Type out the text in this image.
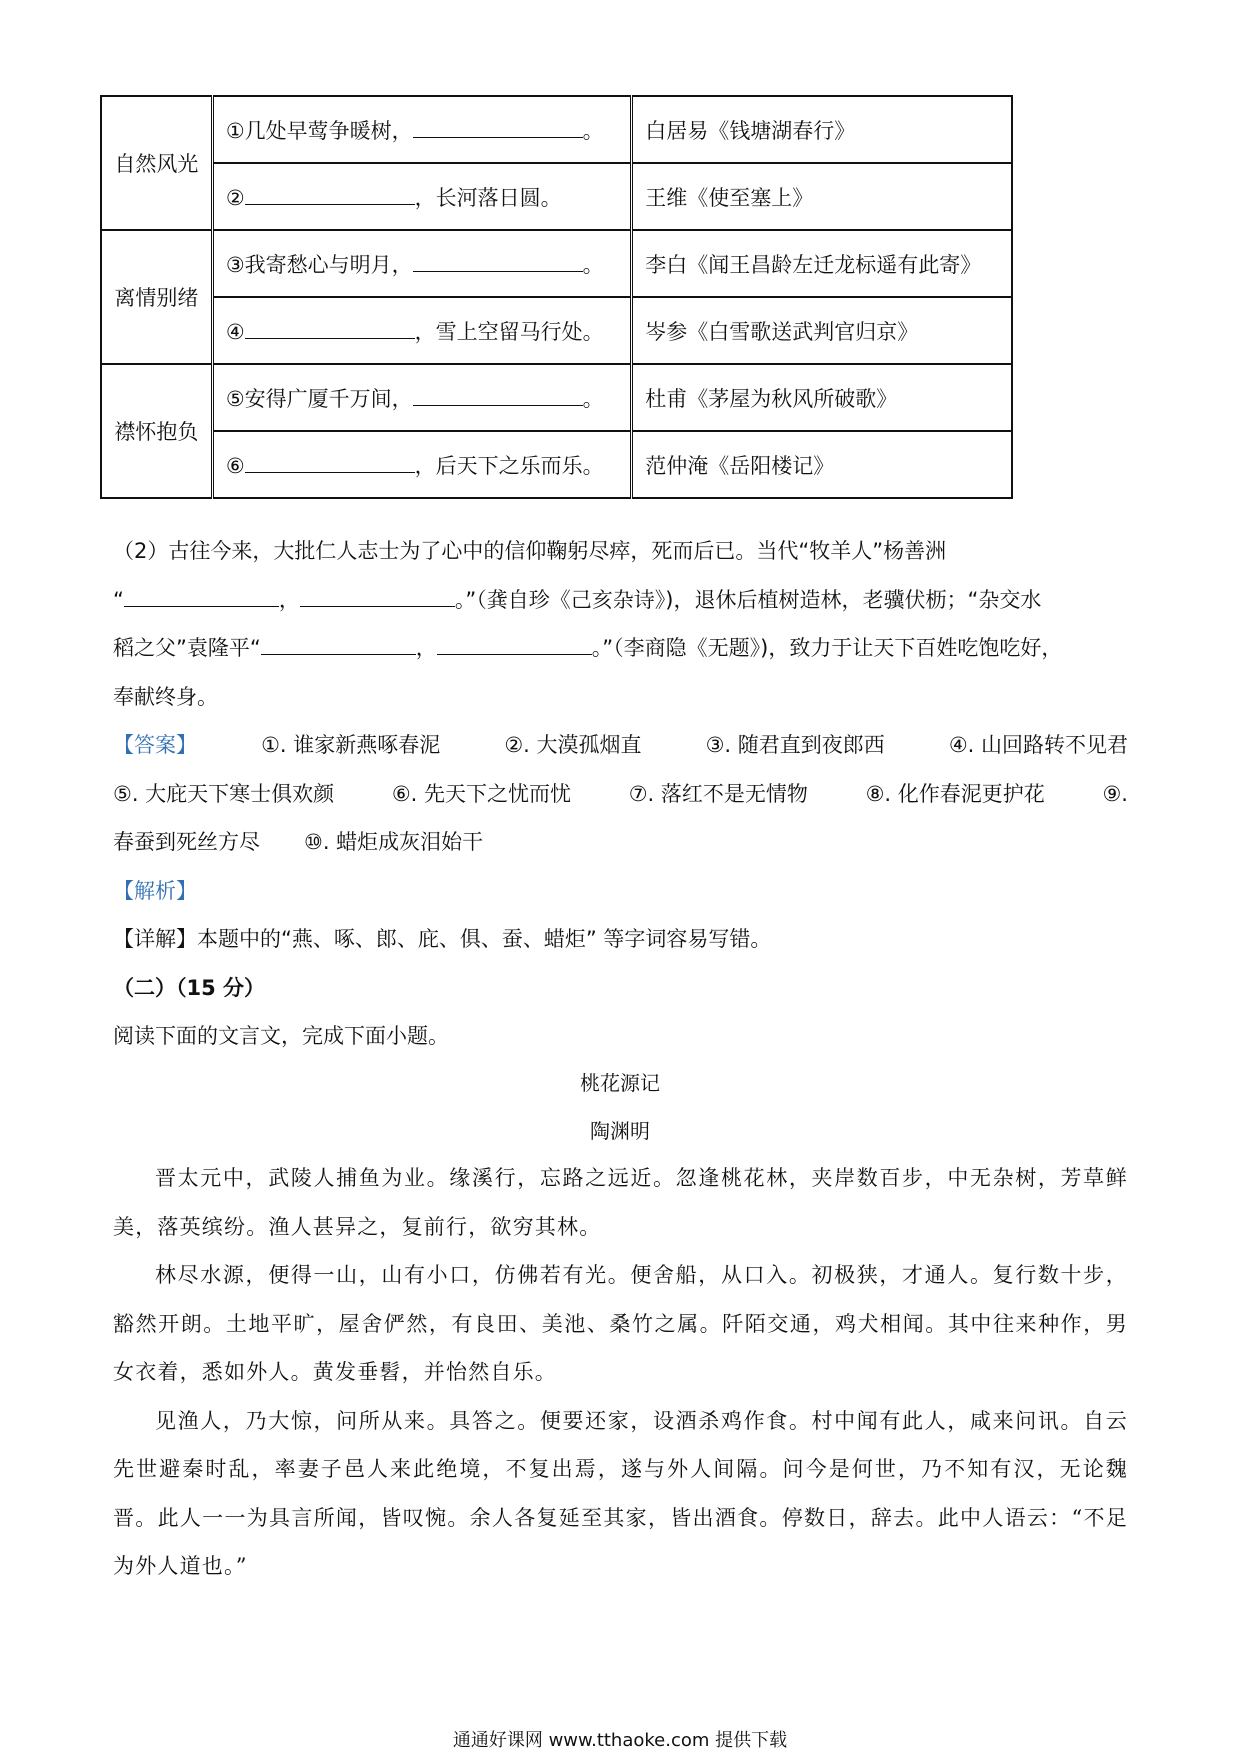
自然风光	①几处早莺争暖树， 。	白居易《钱塘湖春行》
	② ，长河落日圆。	王维《使至塞上》
离情别绪	③我寄愁心与明月， 。	李白《闻王昌龄左迁龙标遥有此寄》
	④ ，雪上空留马行处。	岑参《白雪歌送武判官归京》
襟怀抱负	⑤安得广厦千万间， 。	杜甫《茅屋为秋风所破歌》
	⑥ ，后天下之乐而乐。	范仲淹《岳阳楼记》

（2）古往今来，大批仁人志士为了心中的信仰鞠躬尽瘁，死而后已。当代“牧羊人”杨善洲

“	，	。”（龚自珍《己亥杂诗》)，退休后植树造林，老骥伏枥；“杂交水

稻之父”袁隆平“	，	。”（李商隐《无题》)，致力于让天下百姓吃饱吃好，

奉献终身。

【答案】	①. 谁家新燕啄春泥	②. 大漠孤烟直	③. 随君直到夜郎西	④. 山回路转不见君
⑤. 大庇天下寒士俱欢颜	⑥. 先天下之忧而忧	⑦. 落红不是无情物	⑧. 化作春泥更护花	⑨.
春蚕到死丝方尽 ⑩. 蜡炬成灰泪始干

【解析】

【详解】本题中的“燕、啄、郎、庇、俱、蚕、蜡炬” 等字词容易写错。

（二）（15 分）

阅读下面的文言文，完成下面小题。

桃花源记
陶渊明

晋太元中，武陵人捕鱼为业。缘溪行，忘路之远近。忽逢桃花林，夹岸数百步，中无杂树，芳草鲜美，落英缤纷。渔人甚异之，复前行，欲穷其林。

林尽水源，便得一山，山有小口，仿佛若有光。便舍船，从口入。初极狭，才通人。复行数十步，豁然开朗。土地平旷，屋舍俨然，有良田、美池、桑竹之属。阡陌交通，鸡犬相闻。其中往来种作，男女衣着，悉如外人。黄发垂髫，并怡然自乐。

见渔人，乃大惊，问所从来。具答之。便要还家，设酒杀鸡作食。村中闻有此人，咸来问讯。自云先世避秦时乱，率妻子邑人来此绝境，不复出焉，遂与外人间隔。问今是何世，乃不知有汉，无论魏晋。此人一一为具言所闻，皆叹惋。余人各复延至其家，皆出酒食。停数日，辞去。此中人语云：“不足为外人道也。”

通通好课网 www.tthaoke.com 提供下载
